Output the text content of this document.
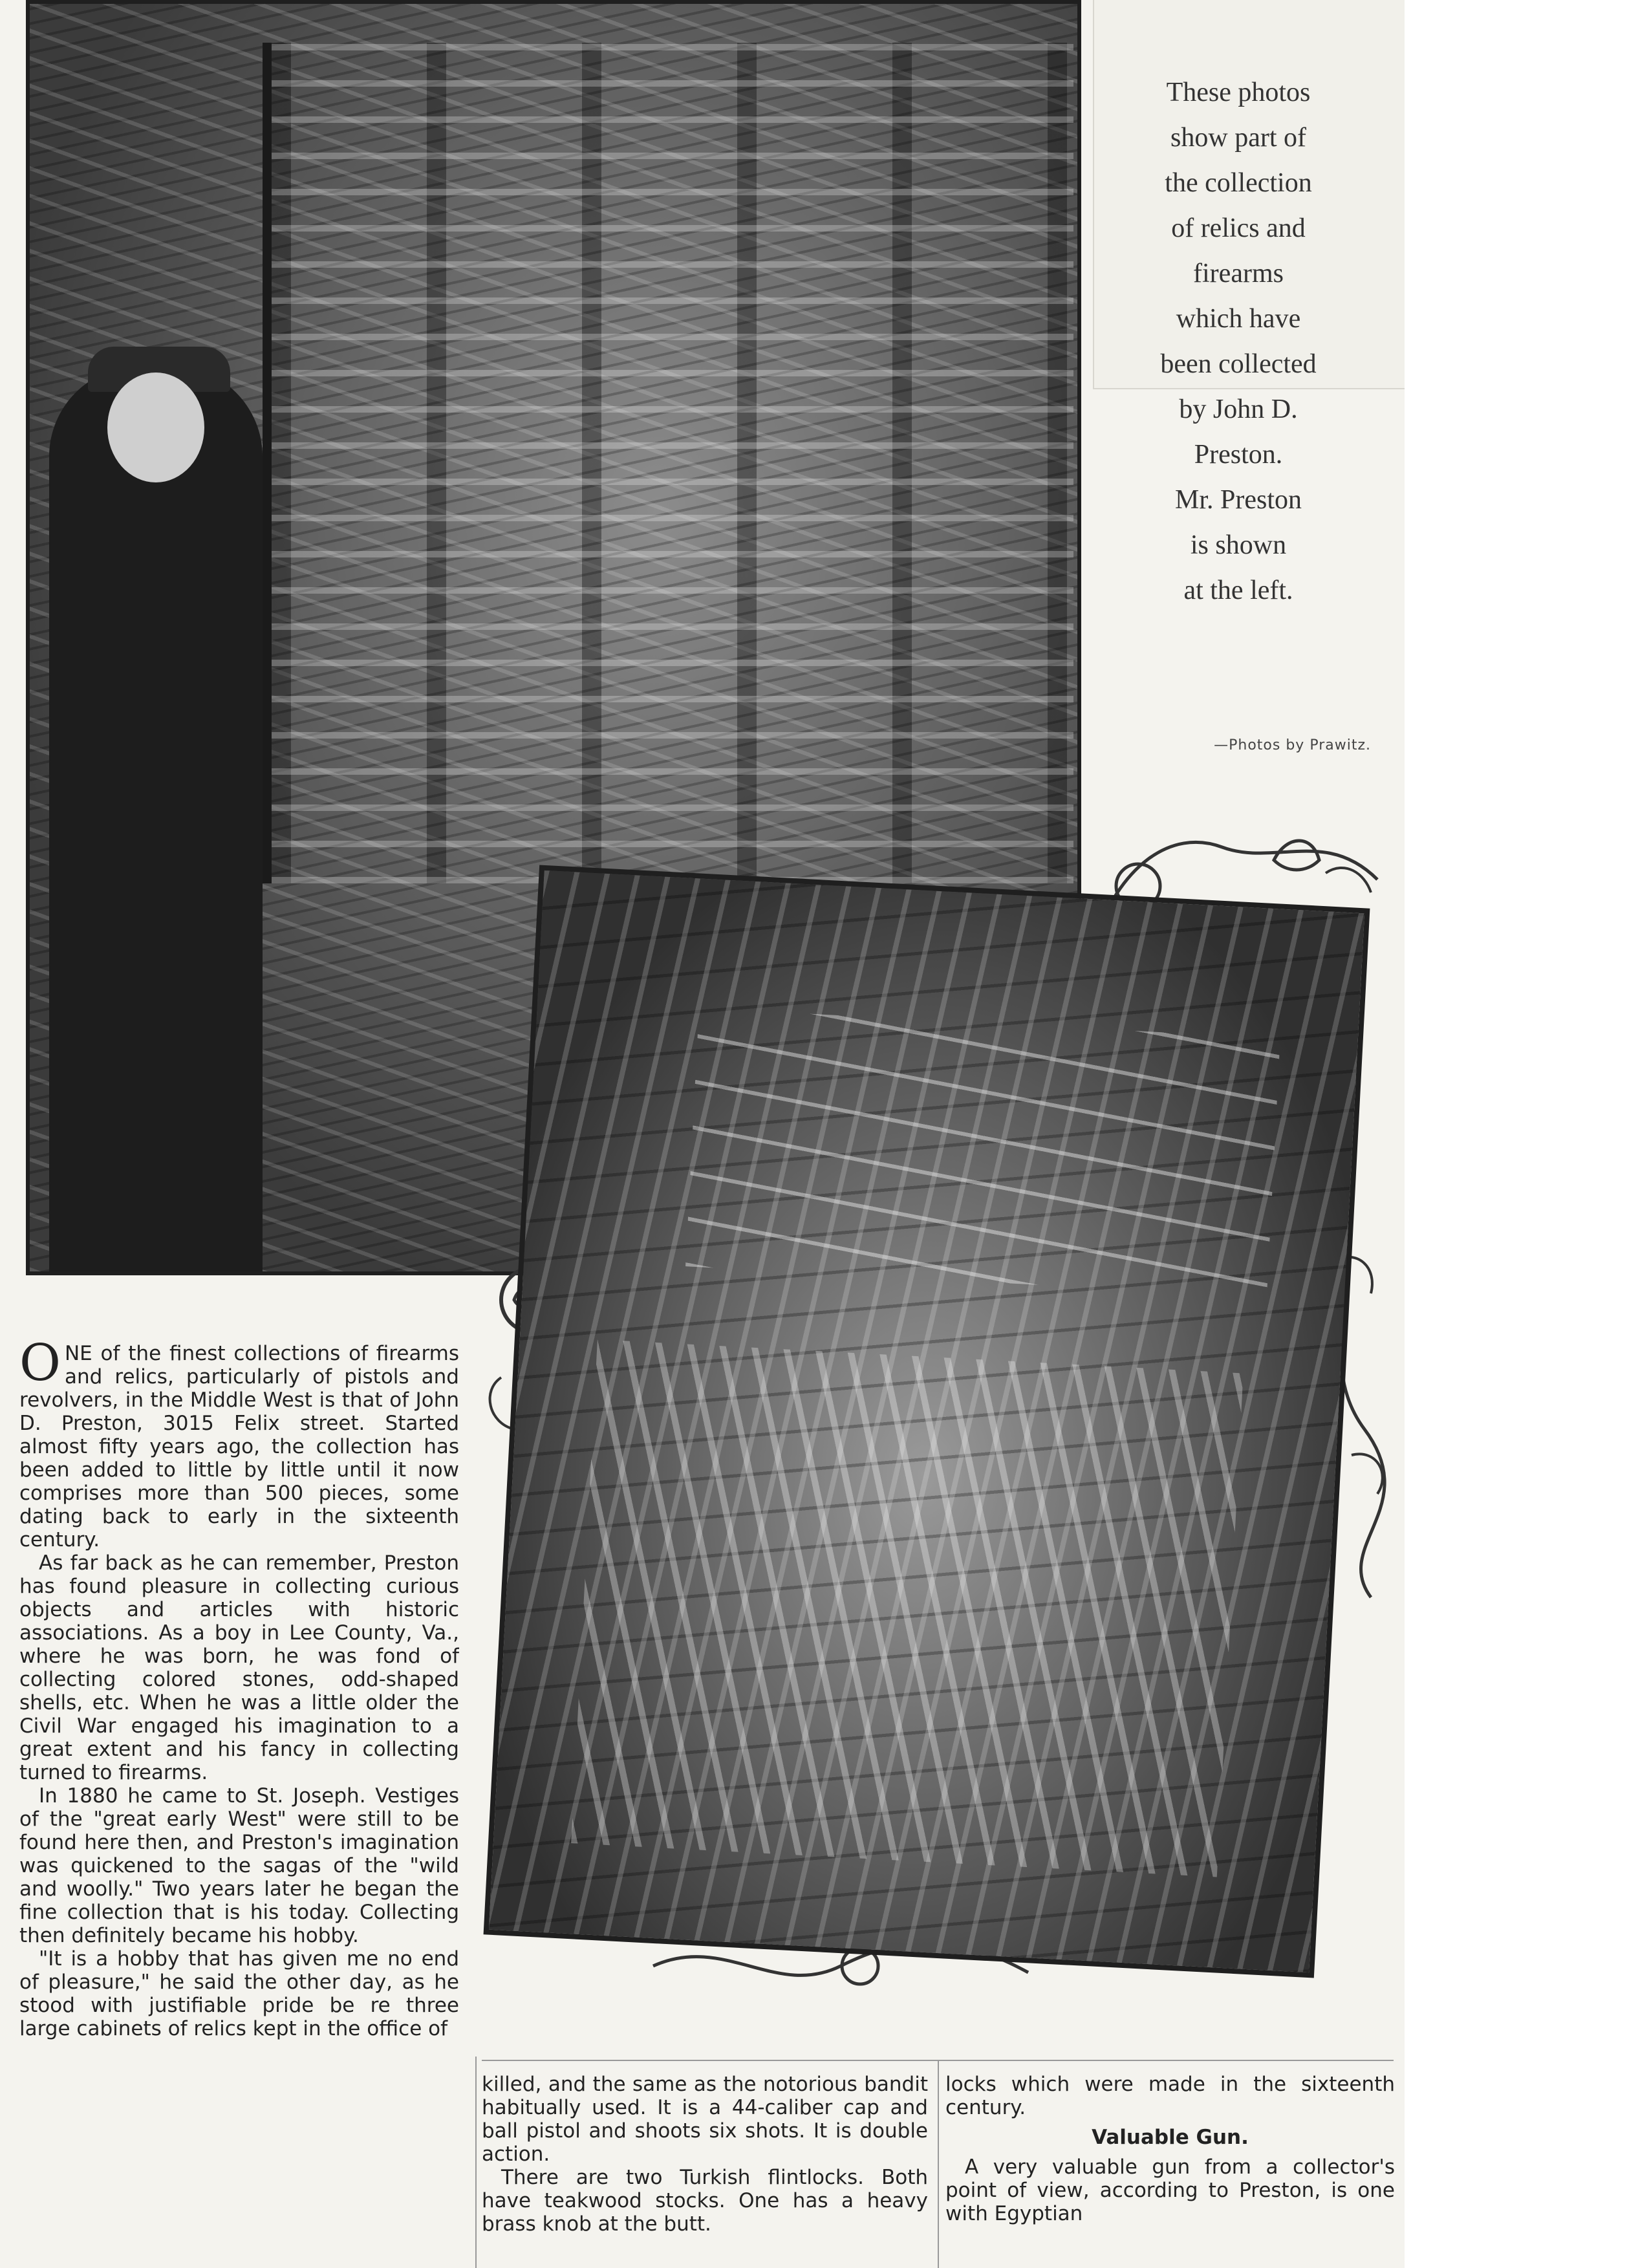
These photos
show part of
the collection
of relics and
firearms
which have
been collected
by John D.
Preston.
Mr. Preston
is shown
at the left.
—Photos by Prawitz.
O NE of the finest collections of firearms and relics, particularly of pistols and revolvers, in the Middle West is that of John D. Preston, 3015 Felix street. Started almost fifty years ago, the collection has been added to little by little until it now comprises more than 500 pieces, some dating back to early in the sixteenth century.

As far back as he can remember, Preston has found pleasure in collecting curious objects and articles with historic associations. As a boy in Lee County, Va., where he was born, he was fond of collecting colored stones, odd-shaped shells, etc. When he was a little older the Civil War engaged his imagination to a great extent and his fancy in collecting turned to firearms.

In 1880 he came to St. Joseph. Vestiges of the "great early West" were still to be found here then, and Preston's imagination was quickened to the sagas of the "wild and woolly." Two years later he began the fine collection that is his today. Collecting then definitely became his hobby.

"It is a hobby that has given me no end of pleasure," he said the other day, as he stood with justifiable pride be re three large cabinets of relics kept in the office of

killed, and the same as the notorious bandit habitually used. It is a 44-caliber cap and ball pistol and shoots six shots. It is double action.

There are two Turkish flintlocks. Both have teakwood stocks. One has a heavy brass knob at the butt.

locks which were made in the sixteenth century.

Valuable Gun.

A very valuable gun from a collector's point of view, according to Preston, is one with Egyptian
